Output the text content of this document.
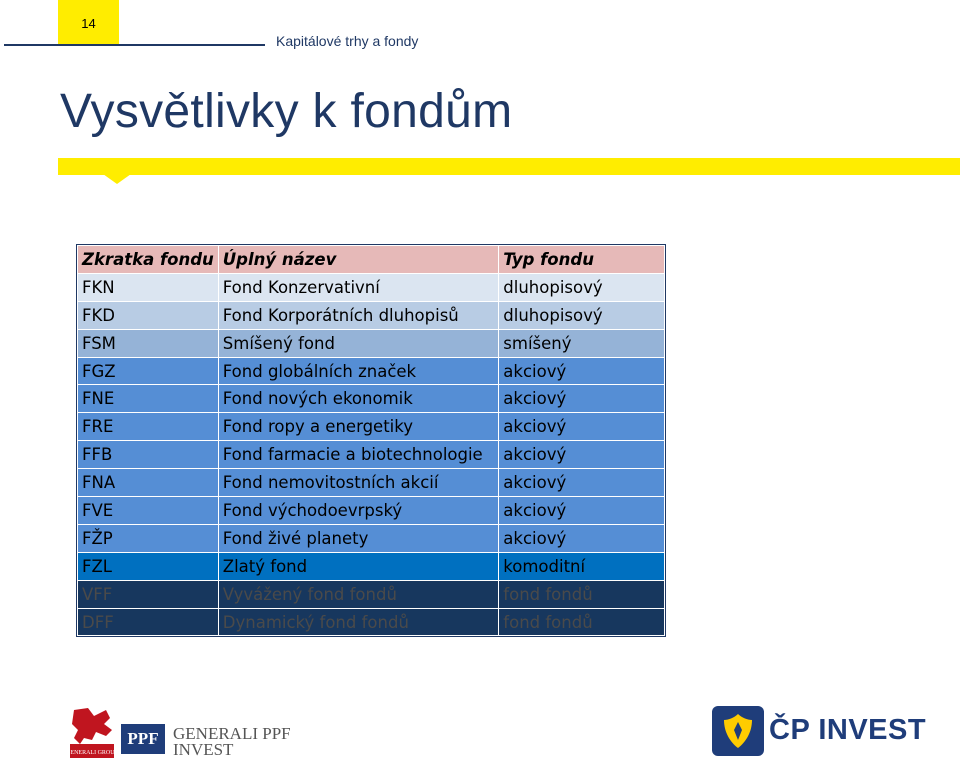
14
Kapitálové trhy a fondy
Vysvětlivky k fondům
Zkratka fondu	Úplný název	Typ fondu
FKN	Fond Konzervativní	dluhopisový
FKD	Fond Korporátních dluhopisů	dluhopisový
FSM	Smíšený fond	smíšený
FGZ	Fond globálních značek	akciový
FNE	Fond nových ekonomik	akciový
FRE	Fond ropy a energetiky	akciový
FFB	Fond farmacie a biotechnologie	akciový
FNA	Fond nemovitostních akcií	akciový
FVE	Fond východoevrpský	akciový
FŽP	Fond živé planety	akciový
FZL	Zlatý fond	komoditní
VFF	Vyvážený fond fondů	fond fondů
DFF	Dynamický fond fondů	fond fondů
GENERALI GROUP
PPF GENERALI PPF
INVEST
ČP INVEST
